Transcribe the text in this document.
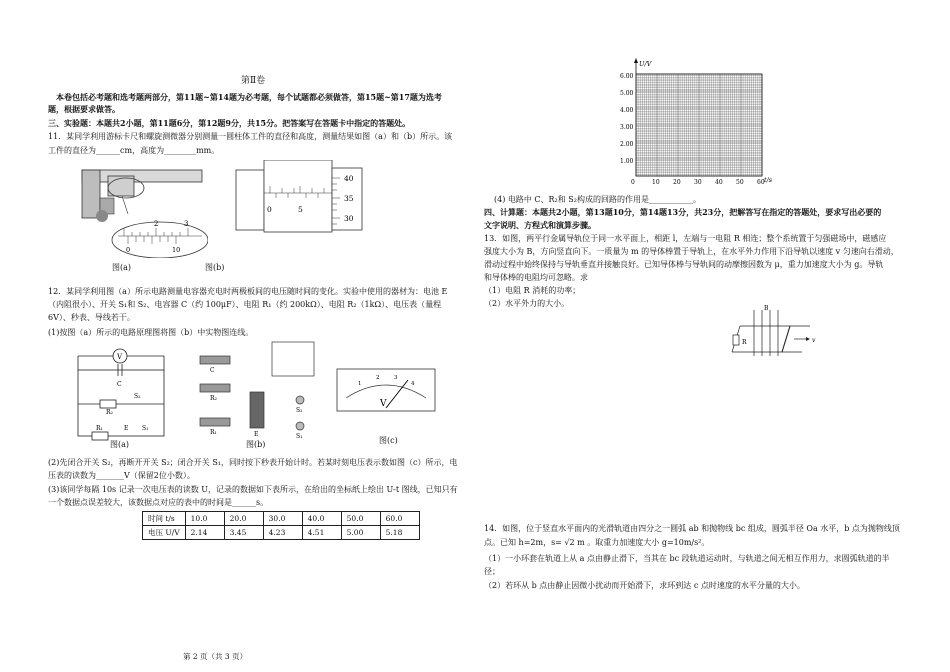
第Ⅱ卷
本卷包括必考题和选考题两部分，第11题~第14题为必考题，每个试题都必须做答，第15题~第17题为选考
题，根据要求做答。
三、实验题：本题共2小题，第11题6分，第12题9分，共15分。把答案写在答题卡中指定的答题处。
11．某同学利用游标卡尺和螺旋测微器分别测量一圆柱体工件的直径和高度，测量结果如图（a）和（b）所示。该
工件的直径为______cm，高度为________mm。
2	3
0	10
图(a)
40
35
30
0	5
图(b)
12．某同学利用图（a）所示电路测量电容器充电时两极板间的电压随时间的变化。实验中使用的器材为：电池 E
（内阻很小）、开关 S₁和 S₂、电容器 C（约 100μF）、电阻 R₁（约 200kΩ）、电阻 R₂（1kΩ）、电压表（量程
6V）、秒表、导线若干。
(1)按图（a）所示的电路原理图将图（b）中实物图连线。
V
C
R₂
S₂
R₁	E S₁
图(a)
C
R₂
R₁	E
S₂
S₁
图(b)
V
1
2	3
4
图(c)
(2)先闭合开关 S₂，再断开开关 S₂；闭合开关 S₁，同时按下秒表开始计时。若某时刻电压表示数如图（c）所示，电
压表的读数为_______V（保留2位小数）。
(3)该同学每隔 10s 记录一次电压表的读数 U，记录的数据如下表所示，在给出的坐标纸上绘出 U-t 图线，已知只有
一个数据点误差较大，该数据点对应的表中的时间是______s。
时间 t/s	10.0	20.0	30.0	40.0	50.0	60.0
电压 U/V	2.14	3.45	4.23	4.51	5.00	5.18
第 2 页（共 3 页）
U/V
t/s
6.00
5.00
4.00
3.00
2.00
1.00
0	10 20 30 40 50 60
(4) 电路中 C、R₂和 S₂构成的回路的作用是___________。
四、计算题：本题共2小题，第13题10分，第14题13分，共23分，把解答写在指定的答题处，要求写出必要的
文字说明、方程式和演算步骤。
13．如图，两平行金属导轨位于同一水平面上，相距 l，左端与一电阻 R 相连；整个系统置于匀强磁场中，磁感应
强度大小为 B，方向竖直向下。一质量为 m 的导体棒置于导轨上，在水平外力作用下沿导轨以速度 v 匀速向右滑动，
滑动过程中始终保持与导轨垂直并接触良好。已知导体棒与导轨间的动摩擦因数为 μ，重力加速度大小为 g。导轨
和导体棒的电阻均可忽略。求
（1）电阻 R 消耗的功率；
（2）水平外力的大小。
B
R	v
14．如图，位于竖直水平面内的光滑轨道由四分之一圆弧 ab 和抛物线 bc 组成，圆弧半径 Oa 水平，b 点为抛物线顶
点。已知 h=2m，s= √2 m 。取重力加速度大小 g=10m/s²。
（1）一小环套在轨道上从 a 点由静止滑下，当其在 bc 段轨道运动时，与轨道之间无相互作用力，求圆弧轨道的半
径；
（2）若环从 b 点由静止因微小扰动而开始滑下，求环到达 c 点时速度的水平分量的大小。
